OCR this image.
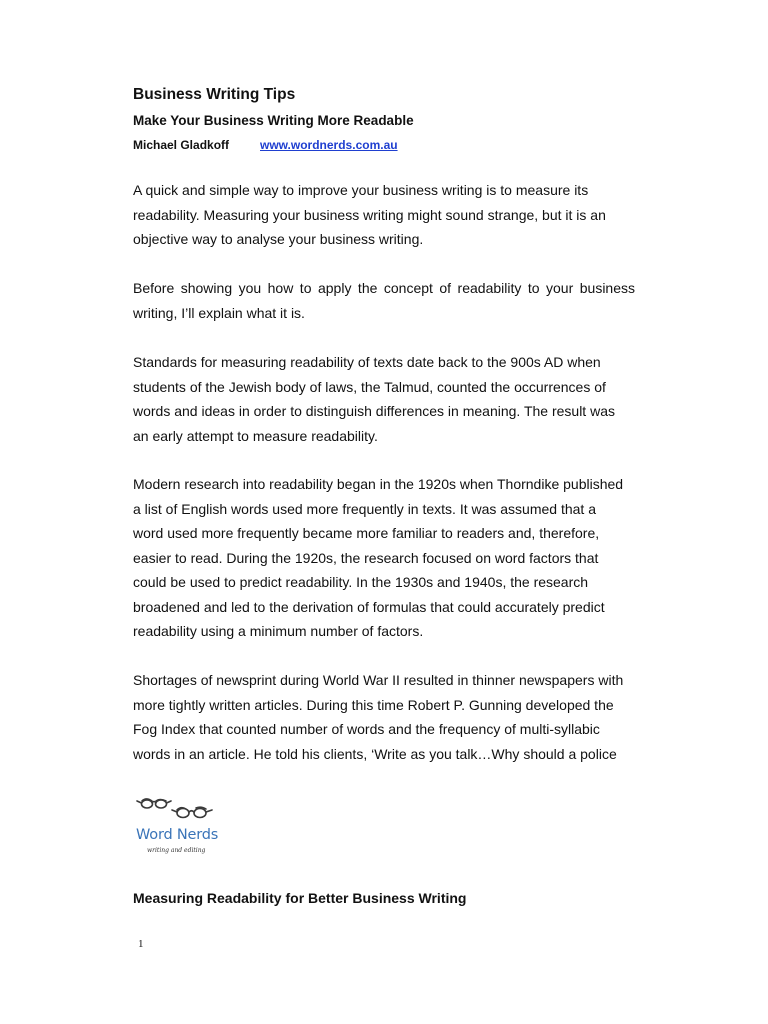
Business Writing Tips
Make Your Business Writing More Readable
Michael Gladkoff	www.wordnerds.com.au

A quick and simple way to improve your business writing is to measure its
readability. Measuring your business writing might sound strange, but it is an
objective way to analyse your business writing.

Before showing you how to apply the concept of readability to your business
writing, I’ll explain what it is.

Standards for measuring readability of texts date back to the 900s AD when
students of the Jewish body of laws, the Talmud, counted the occurrences of
words and ideas in order to distinguish differences in meaning. The result was
an early attempt to measure readability.

Modern research into readability began in the 1920s when Thorndike published
a list of English words used more frequently in texts. It was assumed that a
word used more frequently became more familiar to readers and, therefore,
easier to read. During the 1920s, the research focused on word factors that
could be used to predict readability. In the 1930s and 1940s, the research
broadened and led to the derivation of formulas that could accurately predict
readability using a minimum number of factors.

Shortages of newsprint during World War II resulted in thinner newspapers with
more tightly written articles. During this time Robert P. Gunning developed the
Fog Index that counted number of words and the frequency of multi-syllabic
words in an article. He told his clients, ‘Write as you talk…Why should a police

Word Nerds
writing and editing
Measuring Readability for Better Business Writing
1
